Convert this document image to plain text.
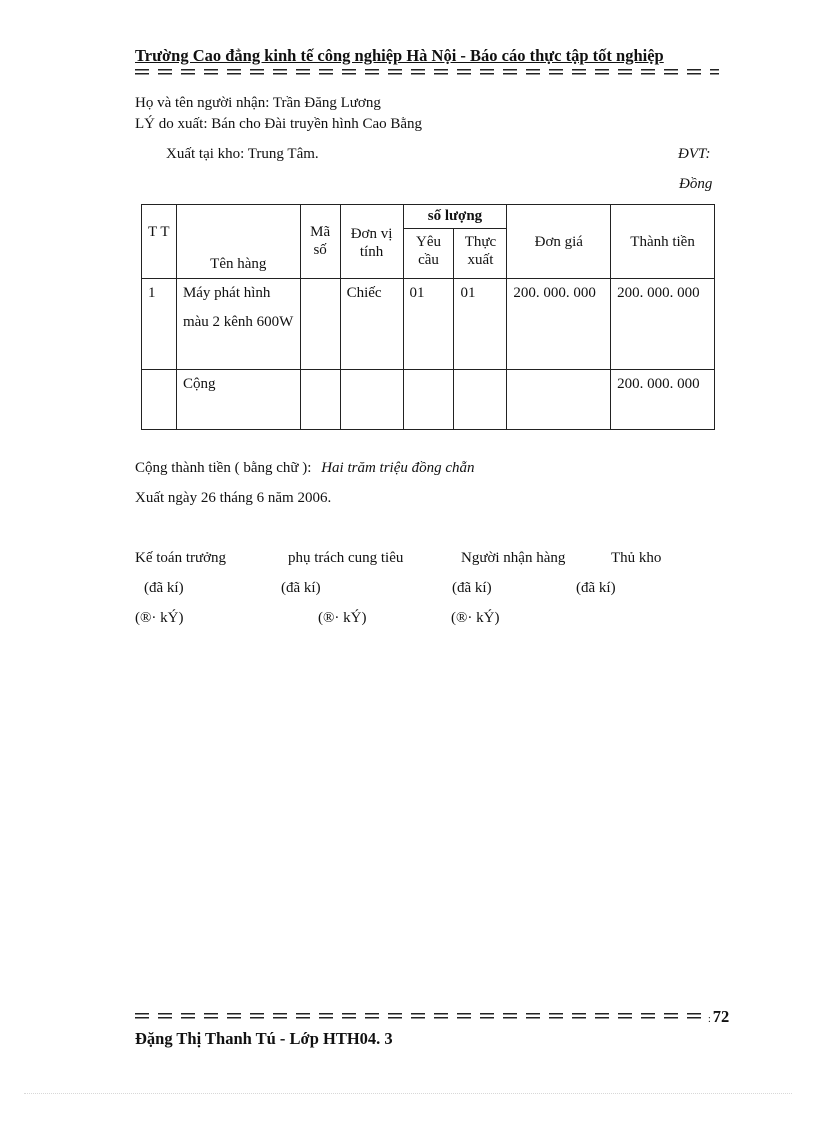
Trường Cao đẳng kinh tế công nghiệp Hà Nội - Báo cáo thực tập tốt nghiệp
Họ và tên người nhận: Trần Đăng Lương
LÝ do xuất: Bán cho Đài truyền hình Cao Bằng
Xuất tại kho: Trung Tâm.	ĐVT:
Đồng
T T	Tên hàng	Mã số	Đơn vị tính	số lượng		Đơn giá	Thành tiền
				Yêu cầu	Thực xuất		
1	Máy phát hình màu 2 kênh 600W		Chiếc	01	01	200. 000. 000	200. 000. 000
	Cộng						200. 000. 000
Cộng thành tiền ( bằng chữ ): Hai trăm triệu đồng chẵn
Xuất ngày 26 tháng 6 năm 2006.
Kế toán trưởng	phụ trách cung tiêu	Người nhận hàng	Thủ kho
(đã kí)	(đã kí)	(đã kí)	(đã kí)
(®· kÝ)	(®· kÝ)	(®· kÝ)
: 72
Đặng Thị Thanh Tú - Lớp HTH04. 3
